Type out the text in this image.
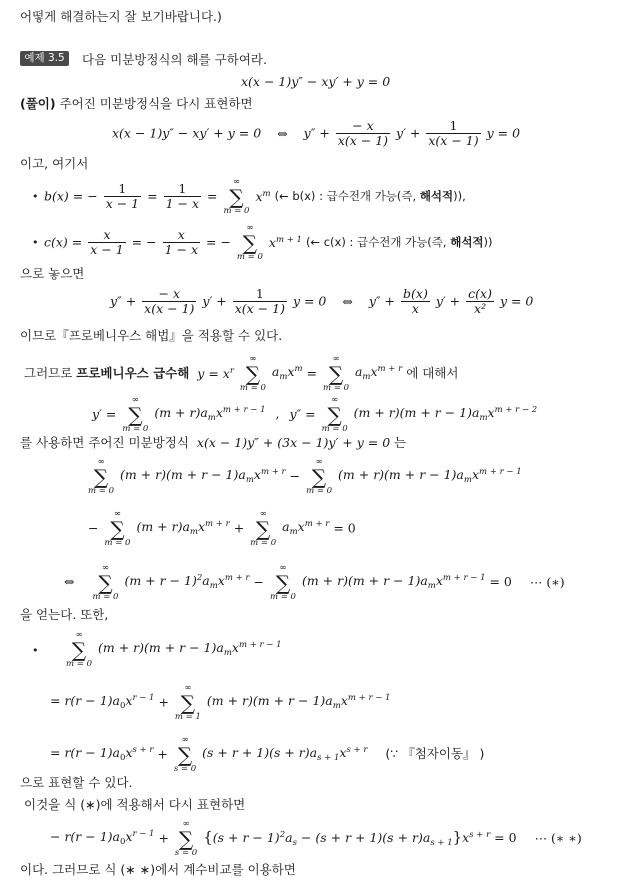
어떻게 해결하는지 잘 보기바랍니다.)
예제 3.5	다음 미분방정식의 해를 구하여라.
x(x − 1)y″ − xy′ + y = 0
(풀이) 주어진 미분방정식을 다시 표현하면
x(x − 1)y″ − xy′ + y = 0 ⇔ $y'' + \frac{- x}{x(x - 1)} y' + \frac{1}{x(x - 1)}$ y = 0
이고, 여기서
• b(x) = − $\frac{1}{x - 1} = \frac{1}{1 - x}$ =
∞
∑
m = 0
$x^m$ (← b(x) : 급수전개 가능(즉, 해석적)),
• $c(x) = \frac{x}{x - 1}$ = − $\frac{x}{1 - x}$ = −
∞
∑
m = 0
$x^{m + 1}$ (← c(x) : 급수전개 가능(즉, 해석적))
으로 놓으면
$y'' + \frac{- x}{x(x - 1)} y' + \frac{1}{x(x - 1)}$ y = 0 ⇔ $y'' + \frac{b(x)}{x} y' + \frac{c(x)}{\text{x²}}$ y = 0
이므로『프로베니우스 해법』을 적용할 수 있다.
그러므로 프로베니우스 급수해 $y = x^r$
∞
∑
m = 0
$a_mx^m$ =
∞
∑
m = 0
$a_mx^{m + r}$ 에 대해서
y′ =
∞
∑
m = 0
$(m + r)a_mx^{m + r - 1}$ , y″ =
∞
∑
m = 0
$(m + r)(m + r - 1)a_mx^{m + r - 2}$
를 사용하면 주어진 미분방정식 x(x − 1)y″ + (3x − 1)y′ + y = 0 는
∞
∑
m = 0
$(m + r)(m + r - 1)a_mx^{m + r}$ −
∞
∑
m = 0
$(m + r)(m + r - 1)a_mx^{m + r - 1}$
−
∞
∑
m = 0
$(m + r)a_mx^{m + r}$ +
∞
∑
m = 0
$a_mx^{m + r} = 0$
⇔
∞
∑
m = 0
$(m + r - 1)^2a_mx^{m + r}$ −
∞
∑
m = 0
$(m + r)(m + r - 1)a_mx^{m + r - 1} = 0$ ⋯ (∗)
을 얻는다. 또한,
•
∞
∑
m = 0
$(m + r)(m + r - 1)a_mx^{m + r - 1}$
= $r(r - 1)a_0x^{r - 1}$ +
∞
∑
m = 1
$(m + r)(m + r - 1)a_mx^{m + r - 1}$
= $r(r - 1)a_0x^{s + r}$ +
∞
∑
s = 0
$(s + r + 1)(s + r)a_{s + 1}x^{s + r}$ (∵ 『첨자이동』 )
으로 표현할 수 있다.
이것을 식 (∗)에 적용해서 다시 표현하면
− $r(r - 1)a_0x^{r - 1}$ +
∞
∑
s = 0
$\{(s + r - 1)^2a_s - (s + r + 1)(s + r)a_{s + 1}\}x^{s + r} = 0$ ⋯ (∗ ∗)
이다. 그러므로 식 (∗ ∗)에서 계수비교를 이용하면
